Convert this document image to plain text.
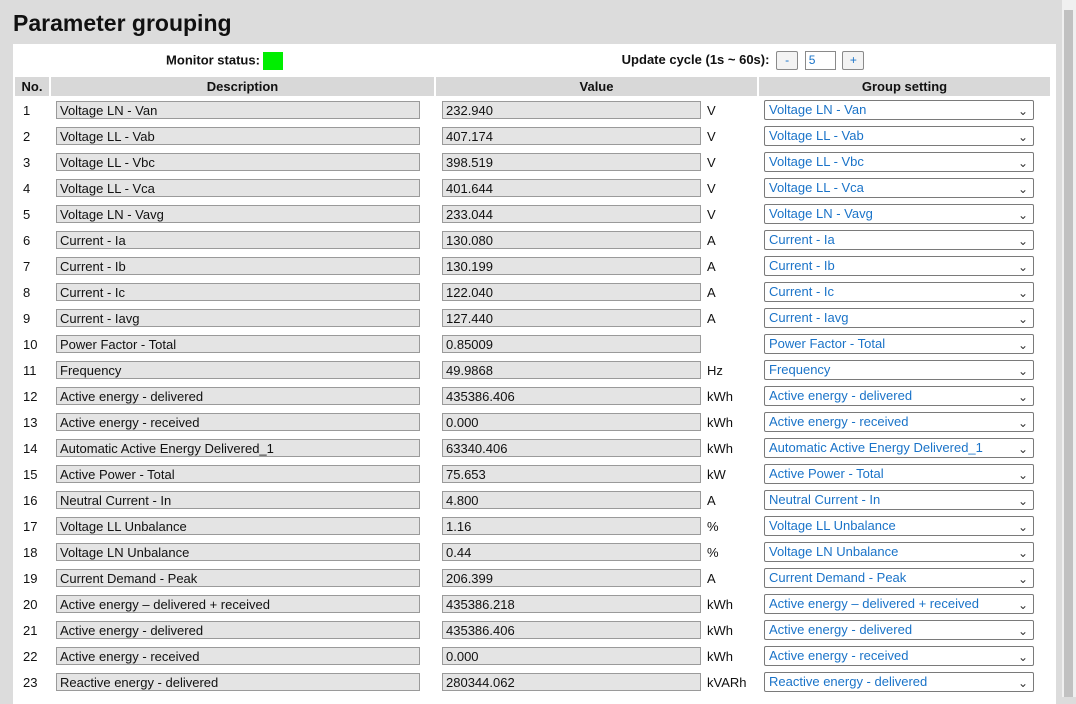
Parameter grouping
Monitor status:		Update cycle (1s ~ 60s): - 5 +	
No.	Description	Value	Group setting
1	Voltage LN - Van	232.940 V	Voltage LN - Van ⌄

2	Voltage LL - Vab	407.174 V	Voltage LL - Vab ⌄

3	Voltage LL - Vbc	398.519 V	Voltage LL - Vbc ⌄

4	Voltage LL - Vca	401.644 V	Voltage LL - Vca ⌄

5	Voltage LN - Vavg	233.044 V	Voltage LN - Vavg ⌄

6	Current - Ia	130.080 A	Current - Ia ⌄

7	Current - Ib	130.199 A	Current - Ib ⌄

8	Current - Ic	122.040 A	Current - Ic ⌄

9	Current - Iavg	127.440 A	Current - Iavg ⌄

10	Power Factor - Total	0.85009	Power Factor - Total ⌄

11	Frequency	49.9868 Hz	Frequency ⌄

12	Active energy - delivered	435386.406 kWh	Active energy - delivered ⌄

13	Active energy - received	0.000 kWh	Active energy - received ⌄

14	Automatic Active Energy Delivered_1	63340.406 kWh	Automatic Active Energy Delivered_1 ⌄

15	Active Power - Total	75.653 kW	Active Power - Total ⌄

16	Neutral Current - In	4.800 A	Neutral Current - In ⌄

17	Voltage LL Unbalance	1.16 %	Voltage LL Unbalance ⌄

18	Voltage LN Unbalance	0.44 %	Voltage LN Unbalance ⌄

19	Current Demand - Peak	206.399 A	Current Demand - Peak ⌄

20	Active energy – delivered + received	435386.218 kWh	Active energy – delivered + received ⌄

21	Active energy - delivered	435386.406 kWh	Active energy - delivered ⌄

22	Active energy - received	0.000 kWh	Active energy - received ⌄

23	Reactive energy - delivered	280344.062 kVARh	Reactive energy - delivered ⌄
